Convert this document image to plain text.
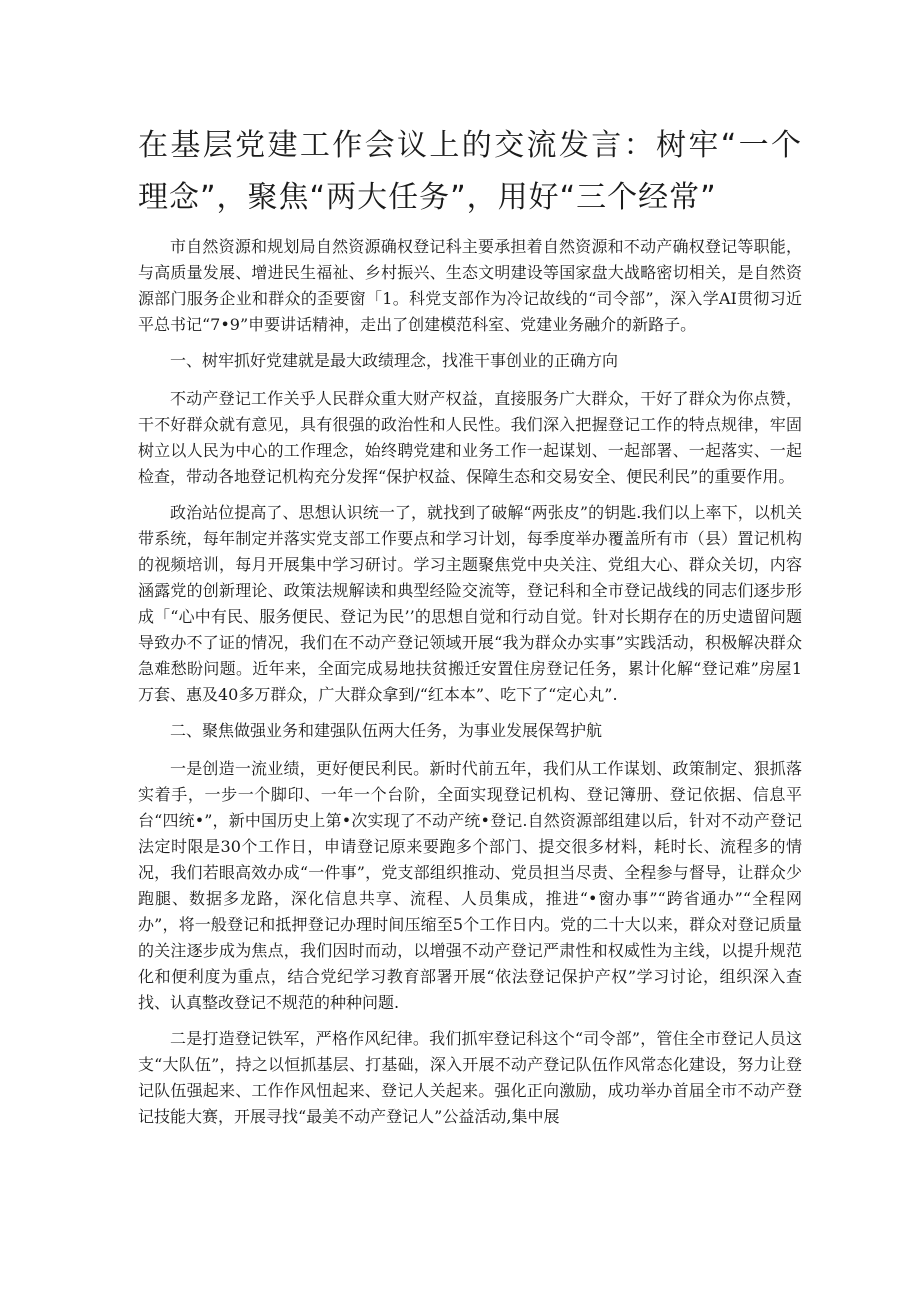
在基层党建工作会议上的交流发言：树牢“一个理念”，聚焦“两大任务”，用好“三个经常”

市自然资源和规划局自然资源确权登记科主要承担着自然资源和不动产确权登记等职能，与高质量发展、增进民生福祉、乡村振兴、生态文明建设等国家盘大战略密切相关，是自然资源部门服务企业和群众的歪要窗「1。科党支部作为冷记故线的“司令部”，深入学AI贯彻习近平总书记“7•9”申要讲话精神，走出了创建模范科室、党建业务融介的新路子。

一、树牢抓好党建就是最大政绩理念，找准干事创业的正确方向

不动产登记工作关乎人民群众重大财产权益，直接服务广大群众，干好了群众为你点赞，干不好群众就有意见，具有很强的政治性和人民性。我们深入把握登记工作的特点规律，牢固树立以人民为中心的工作理念，始终聘党建和业务工作一起谋划、一起部署、一起落实、一起检查，带动各地登记机构充分发挥“保护权益、保障生态和交易安全、便民利民”的重要作用。

政治站位提高了、思想认识统一了，就找到了破解“两张皮”的钥匙.我们以上率下，以机关带系统，每年制定并落实党支部工作要点和学习计划，每季度举办覆盖所有市（县）置记机构的视频培训，每月开展集中学习研讨。学习主题聚焦党中央关注、党组大心、群众关切，内容涵露党的创新理论、政策法规解读和典型经险交流等，登记科和全市登记战线的同志们逐步形成「“心中有民、服务便民、登记为民’’的思想自觉和行动自觉。针对长期存在的历史遗留问题导致办不了证的情况，我们在不动产登记领域开展“我为群众办实事”实践活动，积极解决群众急难愁盼问题。近年来，全面完成易地扶贫搬迁安置住房登记任务，累计化解“登记难”房屋1万套、惠及40多万群众，广大群众拿到/“红本本”、吃下了“定心丸”.

二、聚焦做强业务和建强队伍两大任务，为事业发展保驾护航

一是创造一流业绩，更好便民利民。新时代前五年，我们从工作谋划、政策制定、狠抓落实着手，一步一个脚印、一年一个台阶，全面实现登记机构、登记簿册、登记依据、信息平台“四统•”，新中国历史上第•次实现了不动产统•登记.自然资源部组建以后，针对不动产登记法定时限是30个工作日，申请登记原来要跑多个部门、提交很多材料，耗时长、流程多的情况，我们若眼高效办成“一件事”，党支部组织推动、党员担当尽责、全程参与督导，让群众少跑腿、数据多龙路，深化信息共享、流程、人员集成，推进“•窗办事”“跨省通办”“全程网办”，将一般登记和抵押登记办理时间压缩至5个工作日内。党的二十大以来，群众对登记质量的关注逐步成为焦点，我们因时而动，以增强不动产登记严肃性和权威性为主线，以提升规范化和便利度为重点，结合党纪学习教育部署开展“依法登记保护产权”学习讨论，组织深入查找、认真整改登记不规范的种种问题.

二是打造登记铁军，严格作风纪律。我们抓牢登记科这个“司令部”，管住全市登记人员这支“大队伍”，持之以恒抓基层、打基础，深入开展不动产登记队伍作风常态化建设，努力让登记队伍强起来、工作作风忸起来、登记人关起来。强化正向激励，成功举办首届全市不动产登记技能大赛，开展寻找“最美不动产登记人”公益活动,集中展
